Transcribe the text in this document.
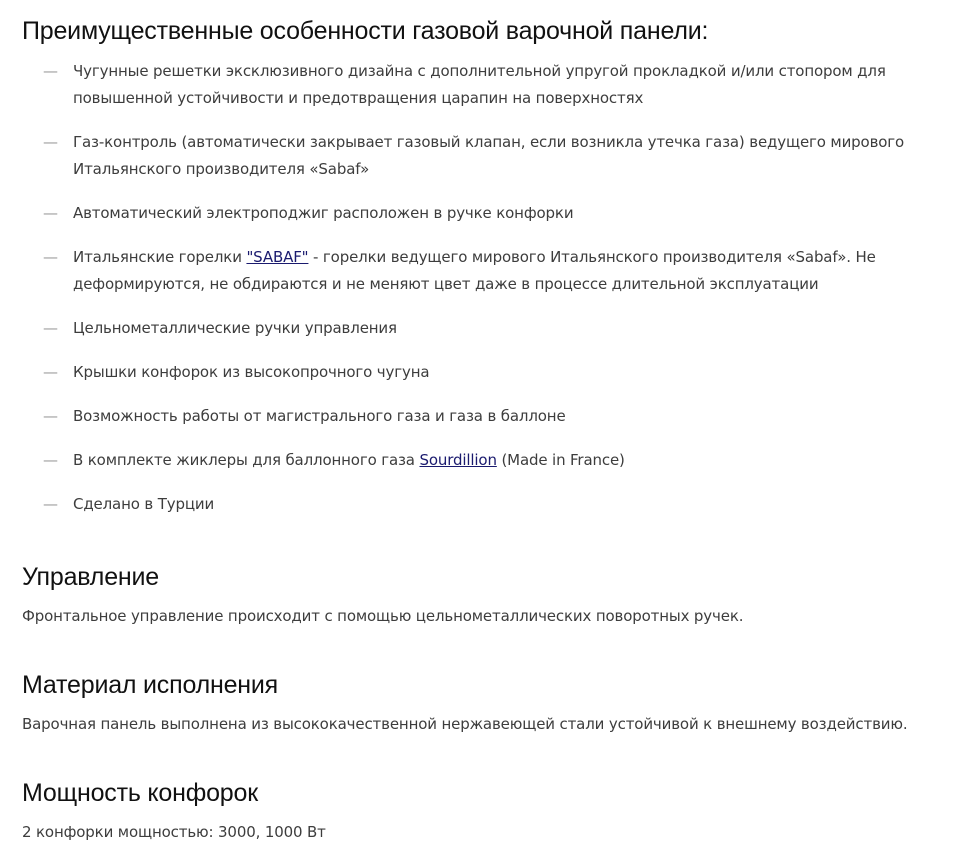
Преимущественные особенности газовой варочной панели:
— Чугунные решетки эксклюзивного дизайна с дополнительной упругой прокладкой и/или стопором для повышенной устойчивости и предотвращения царапин на поверхностях
— Газ-контроль (автоматически закрывает газовый клапан, если возникла утечка газа) ведущего мирового Итальянского производителя «Sabaf»
— Автоматический электроподжиг расположен в ручке конфорки
— Итальянские горелки "SABAF" - горелки ведущего мирового Итальянского производителя «Sabaf». Не деформируются, не обдираются и не меняют цвет даже в процессе длительной эксплуатации
— Цельнометаллические ручки управления
— Крышки конфорок из высокопрочного чугуна
— Возможность работы от магистрального газа и газа в баллоне
— В комплекте жиклеры для баллонного газа Sourdillion (Made in France)
— Сделано в Турции
Управление

Фронтальное управление происходит с помощью цельнометаллических поворотных ручек.

Материал исполнения

Варочная панель выполнена из высококачественной нержавеющей стали устойчивой к внешнему воздействию.

Мощность конфорок

2 конфорки мощностью: 3000, 1000 Вт
